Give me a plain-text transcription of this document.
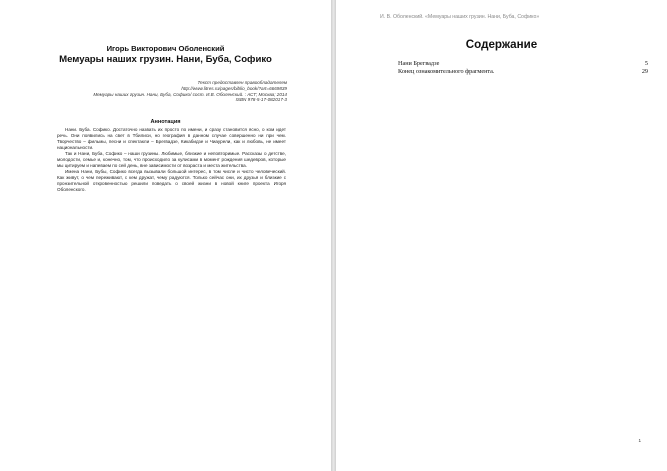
Игорь Викторович Оболенский
Мемуары наших грузин. Нани, Буба, Софико
Текст предоставлен правообладателем
http://www.litres.ru/pages/biblio_book/?art=6669839
Мемуары наших грузин. Нани, Буба, Софико/ сост. И.В. Оболенский. : АСТ; Москва; 2014
ISBN 978-5-17-082017-3
Аннотация

Нани. Буба. Софико. Достаточно назвать их просто по имени, и сразу становится ясно, о ком идет речь. Они появились на свет в Тбилиси, но география в данном случае совершенно ни при чем. Творчество – фильмы, песни и спектакли – Брегвадзе, Кикабидзе и Чиаурели, как и любовь, не имеет национальности.

Так и Нани, Буба, Софико – наши грузины. Любимые, близкие и неповторимые. Рассказы о детстве, молодости, семье и, конечно, том, что происходило за кулисами в момент рождения шедевров, которые мы цитируем и напеваем по сей день, вне зависимости от возраста и места жительства.

Имена Нани, Бубы, Софико всегда вызывали большой интерес, в том числе и чисто человеческий. Как живут, о чем переживают, с кем дружат, чему радуются. Только сейчас они, их друзья и близкие с пронзительной откровенностью решили поведать о своей жизни в новой книге проекта Игоря Оболенского.

И. В. Оболенский. «Мемуары наших грузин. Нани, Буба, Софико»
Содержание
Нани Брегвадзе	5
Конец ознакомительного фрагмента.	29
1
